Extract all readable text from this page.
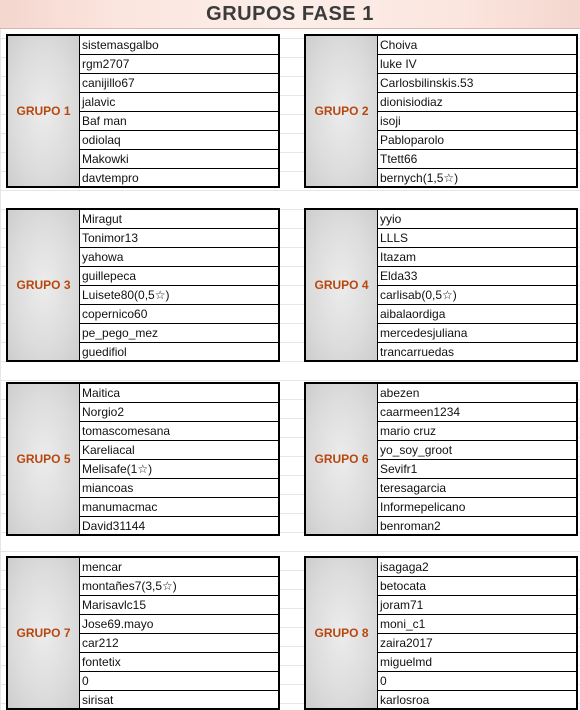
GRUPOS FASE 1
GRUPO 1
sistemasgalbo
rgm2707
canijillo67
jalavic
Baf man
odiolaq
Makowki
davtempro
GRUPO 2
Choiva
luke IV
Carlosbilinskis.53
dionisiodiaz
isoji
Pabloparolo
Ttett66
bernych(1,5☆)
GRUPO 3
Miragut
Tonimor13
yahowa
guillepeca
Luisete80(0,5☆)
copernico60
pe_pego_mez
guedifiol
GRUPO 4
yyio
LLLS
Itazam
Elda33
carlisab(0,5☆)
aibalaordiga
mercedesjuliana
trancarruedas
GRUPO 5
Maitica
Norgio2
tomascomesana
Kareliacal
Melisafe(1☆)
miancoas
manumacmac
David31144
GRUPO 6
abezen
caarmeen1234
mario cruz
yo_soy_groot
Sevifr1
teresagarcia
Informepelicano
benroman2
GRUPO 7
mencar
montañes7(3,5☆)
Marisavlc15
Jose69.mayo
car212
fontetix
0
sirisat
GRUPO 8
isagaga2
betocata
joram71
moni_c1
zaira2017
miguelmd
0
karlosroa
